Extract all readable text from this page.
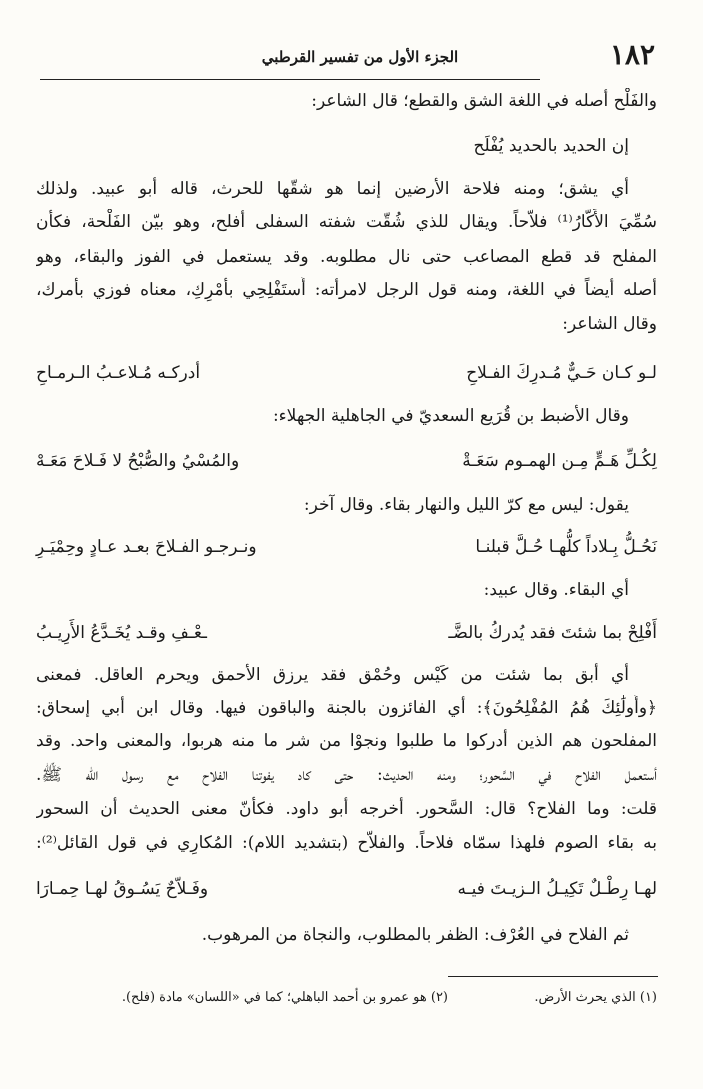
١٨٢
الجزء الأول من تفسير القرطبي
والفَلْح أصله في اللغة الشق والقطع؛ قال الشاعر:
إن الحديد بالحديد يُفْلَح
أي يشق؛ ومنه فلاحة الأرضين إنما هو شقّها للحرث، قاله أبو عبيد. ولذلك
سُمِّيَ الأَكَّارُ⁽¹⁾ فلاّحاً. ويقال للذي شُقّت شفته السفلى أفلح، وهو بيّن الفَلْحة، فكأن
المفلح قد قطع المصاعب حتى نال مطلوبه. وقد يستعمل في الفوز والبقاء، وهو
أصله أيضاً في اللغة، ومنه قول الرجل لامرأته: أَستَفْلِحِي بأَمْرِكِ، معناه فوزي بأمرك،
وقال الشاعر:
لـو كـان حَـيٌّ مُـدرِكَ الفـلاحِ
أدركـه مُـلاعـبُ الـرمـاحِ
وقال الأضبط بن قُرَيع السعديّ في الجاهلية الجهلاء:
لِكُـلِّ هَـمٍّ مِـن الهمـوم سَعَـةْ
والمُسْيُ والصُّبْحُ لا فَـلاحَ مَعَـهْ
يقول: ليس مع كرّ الليل والنهار بقاء. وقال آخر:
نَحُـلُّ بِـلاداً كلُّهـا حُـلَّ قبلنـا
ونـرجـو الفـلاحَ بعـد عـادٍ وحِمْيَـرِ
أي البقاء. وقال عبيد:
أَفْلِحْ بما شئتَ فقد يُدركُ بالضَّـ
ـعْـفِ وقـد يُخَـدَّعُ الأَرِيـبُ
أي أبق بما شئت من كَيْس وحُمْق فقد يرزق الأحمق ويحرم العاقل. فمعنى
﴿وأُولَٰئِكَ هُمُ المُفْلِحُونَ﴾: أي الفائزون بالجنة والباقون فيها. وقال ابن أبي إسحاق:
المفلحون هم الذين أدركوا ما طلبوا ونجوْا من شر ما منه هربوا، والمعنى واحد. وقد
أستعمل الفلاح في السَّحور؛ ومنه الحديث: حتى كاد يفوتنا الفلاح مع رسول الله ﷺ.
قلت: وما الفلاح؟ قال: السَّحور. أخرجه أبو داود. فكأنّ معنى الحديث أن السحور
به بقاء الصوم فلهذا سمّاه فلاحاً. والفلاّح (بتشديد اللام): المُكارِي في قول القائل⁽²⁾:
لهـا رِطْـلٌ تَكِيـلُ الـزيـتَ فيـه
وفَـلاّحٌ يَسُـوقُ لهـا حِمـارَا
ثم الفلاح في العُرْف: الظفر بالمطلوب، والنجاة من المرهوب.
(١) الذي يحرث الأرض.
(٢) هو عمرو بن أحمد الباهلي؛ كما في «اللسان» مادة (فلح).
